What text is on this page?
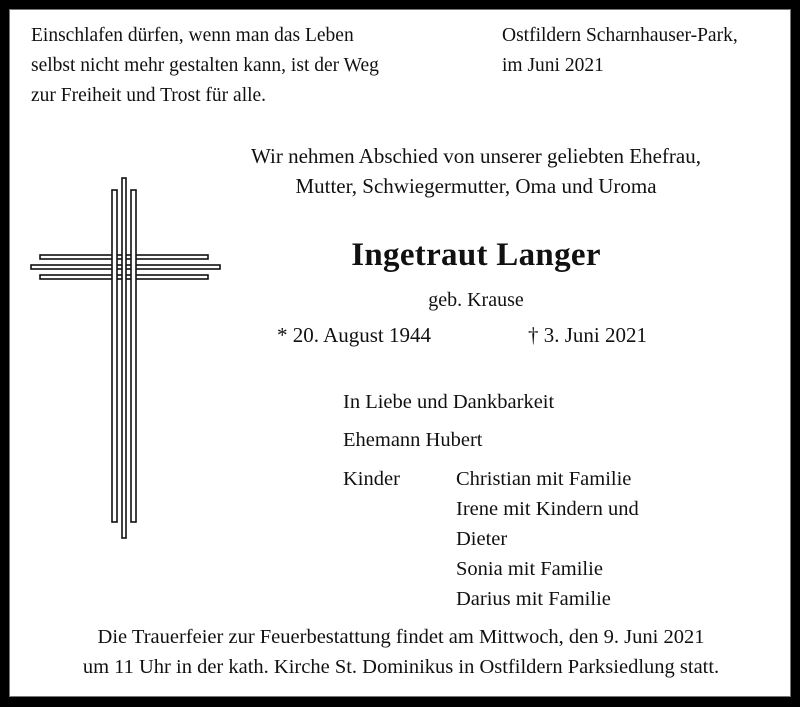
Einschlafen dürfen, wenn man das Leben
selbst nicht mehr gestalten kann, ist der Weg
zur Freiheit und Trost für alle.
Ostfildern Scharnhauser-Park,
im Juni 2021
Wir nehmen Abschied von unserer geliebten Ehefrau,
Mutter, Schwiegermutter, Oma und Uroma
Ingetraut Langer
geb. Krause
* 20. August 1944	† 3. Juni 2021
In Liebe und Dankbarkeit
Ehemann Hubert
Kinder	Christian mit Familie
Irene mit Kindern und
Dieter
Sonia mit Familie
Darius mit Familie
Die Trauerfeier zur Feuerbestattung findet am Mittwoch, den 9. Juni 2021
um 11 Uhr in der kath. Kirche St. Dominikus in Ostfildern Parksiedlung statt.
